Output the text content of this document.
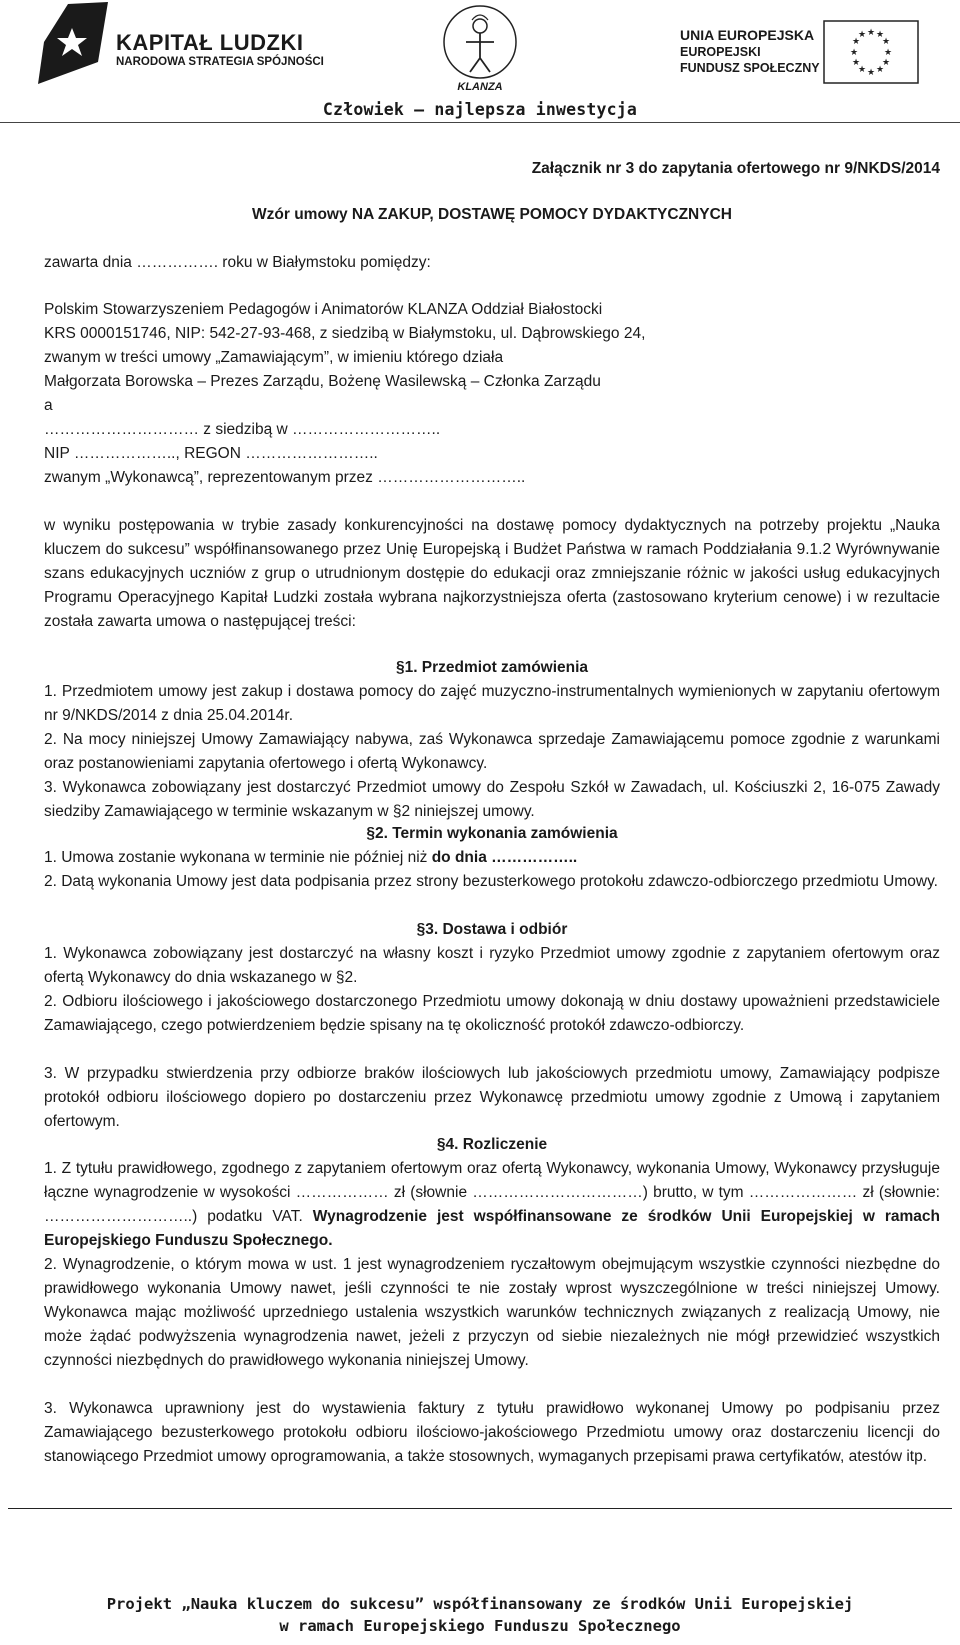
KAPITAŁ LUDZKI
NARODOWA STRATEGIA SPÓJNOŚCI
KLANZA
UNIA EUROPEJSKA
EUROPEJSKI
FUNDUSZ SPOŁECZNY
★ ★
★
★
★
★
★
★
★
★
★
★
Człowiek – najlepsza inwestycja
Załącznik nr 3 do zapytania ofertowego nr 9/NKDS/2014
Wzór umowy NA ZAKUP, DOSTAWĘ POMOCY DYDAKTYCZNYCH
zawarta dnia ……………. roku w Białymstoku pomiędzy:
Polskim Stowarzyszeniem Pedagogów i Animatorów KLANZA Oddział Białostocki
KRS 0000151746, NIP: 542-27-93-468, z siedzibą w Białymstoku, ul. Dąbrowskiego 24,
zwanym w treści umowy „Zamawiającym”, w imieniu którego działa
Małgorzata Borowska – Prezes Zarządu, Bożenę Wasilewską – Członka Zarządu
a
………………………… z siedzibą w ………………………..
NIP ……………….., REGON ……………………..
zwanym „Wykonawcą”, reprezentowanym przez ………………………..
w wyniku postępowania w trybie zasady konkurencyjności na dostawę pomocy dydaktycznych na potrzeby projektu „Nauka kluczem do sukcesu” współfinansowanego przez Unię Europejską i Budżet Państwa w ramach Poddziałania 9.1.2 Wyrównywanie szans edukacyjnych uczniów z grup o utrudnionym dostępie do edukacji oraz zmniejszanie różnic w jakości usług edukacyjnych Programu Operacyjnego Kapitał Ludzki została wybrana najkorzystniejsza oferta (zastosowano kryterium cenowe) i w rezultacie została zawarta umowa o następującej treści:
§1. Przedmiot zamówienia
1. Przedmiotem umowy jest zakup i dostawa pomocy do zajęć muzyczno-instrumentalnych wymienionych w zapytaniu ofertowym nr 9/NKDS/2014 z dnia 25.04.2014r.
2. Na mocy niniejszej Umowy Zamawiający nabywa, zaś Wykonawca sprzedaje Zamawiającemu pomoce zgodnie z warunkami oraz postanowieniami zapytania ofertowego i ofertą Wykonawcy.
3. Wykonawca zobowiązany jest dostarczyć Przedmiot umowy do Zespołu Szkół w Zawadach, ul. Kościuszki 2, 16-075 Zawady siedziby Zamawiającego w terminie wskazanym w §2 niniejszej umowy.
§2. Termin wykonania zamówienia
1. Umowa zostanie wykonana w terminie nie później niż do dnia ……………..
2. Datą wykonania Umowy jest data podpisania przez strony bezusterkowego protokołu zdawczo-odbiorczego przedmiotu Umowy.
§3. Dostawa i odbiór
1. Wykonawca zobowiązany jest dostarczyć na własny koszt i ryzyko Przedmiot umowy zgodnie z zapytaniem ofertowym oraz ofertą Wykonawcy do dnia wskazanego w §2.
2. Odbioru ilościowego i jakościowego dostarczonego Przedmiotu umowy dokonają w dniu dostawy upoważnieni przedstawiciele Zamawiającego, czego potwierdzeniem będzie spisany na tę okoliczność protokół zdawczo-odbiorczy.
3. W przypadku stwierdzenia przy odbiorze braków ilościowych lub jakościowych przedmiotu umowy, Zamawiający podpisze protokół odbioru ilościowego dopiero po dostarczeniu przez Wykonawcę przedmiotu umowy zgodnie z Umową i zapytaniem ofertowym.
§4. Rozliczenie
1. Z tytułu prawidłowego, zgodnego z zapytaniem ofertowym oraz ofertą Wykonawcy, wykonania Umowy, Wykonawcy przysługuje łączne wynagrodzenie w wysokości ……………… zł (słownie ……………………………) brutto, w tym ………………… zł (słownie: ………………………..) podatku VAT. Wynagrodzenie jest współfinansowane ze środków Unii Europejskiej w ramach Europejskiego Funduszu Społecznego.
2. Wynagrodzenie, o którym mowa w ust. 1 jest wynagrodzeniem ryczałtowym obejmującym wszystkie czynności niezbędne do prawidłowego wykonania Umowy nawet, jeśli czynności te nie zostały wprost wyszczególnione w treści niniejszej Umowy. Wykonawca mając możliwość uprzedniego ustalenia wszystkich warunków technicznych związanych z realizacją Umowy, nie może żądać podwyższenia wynagrodzenia nawet, jeżeli z przyczyn od siebie niezależnych nie mógł przewidzieć wszystkich czynności niezbędnych do prawidłowego wykonania niniejszej Umowy.
3. Wykonawca uprawniony jest do wystawienia faktury z tytułu prawidłowo wykonanej Umowy po podpisaniu przez Zamawiającego bezusterkowego protokołu odbioru ilościowo-jakościowego Przedmiotu umowy oraz dostarczeniu licencji do stanowiącego Przedmiot umowy oprogramowania, a także stosownych, wymaganych przepisami prawa certyfikatów, atestów itp.
Projekt „Nauka kluczem do sukcesu” współfinansowany ze środków Unii Europejskiej
w ramach Europejskiego Funduszu Społecznego
